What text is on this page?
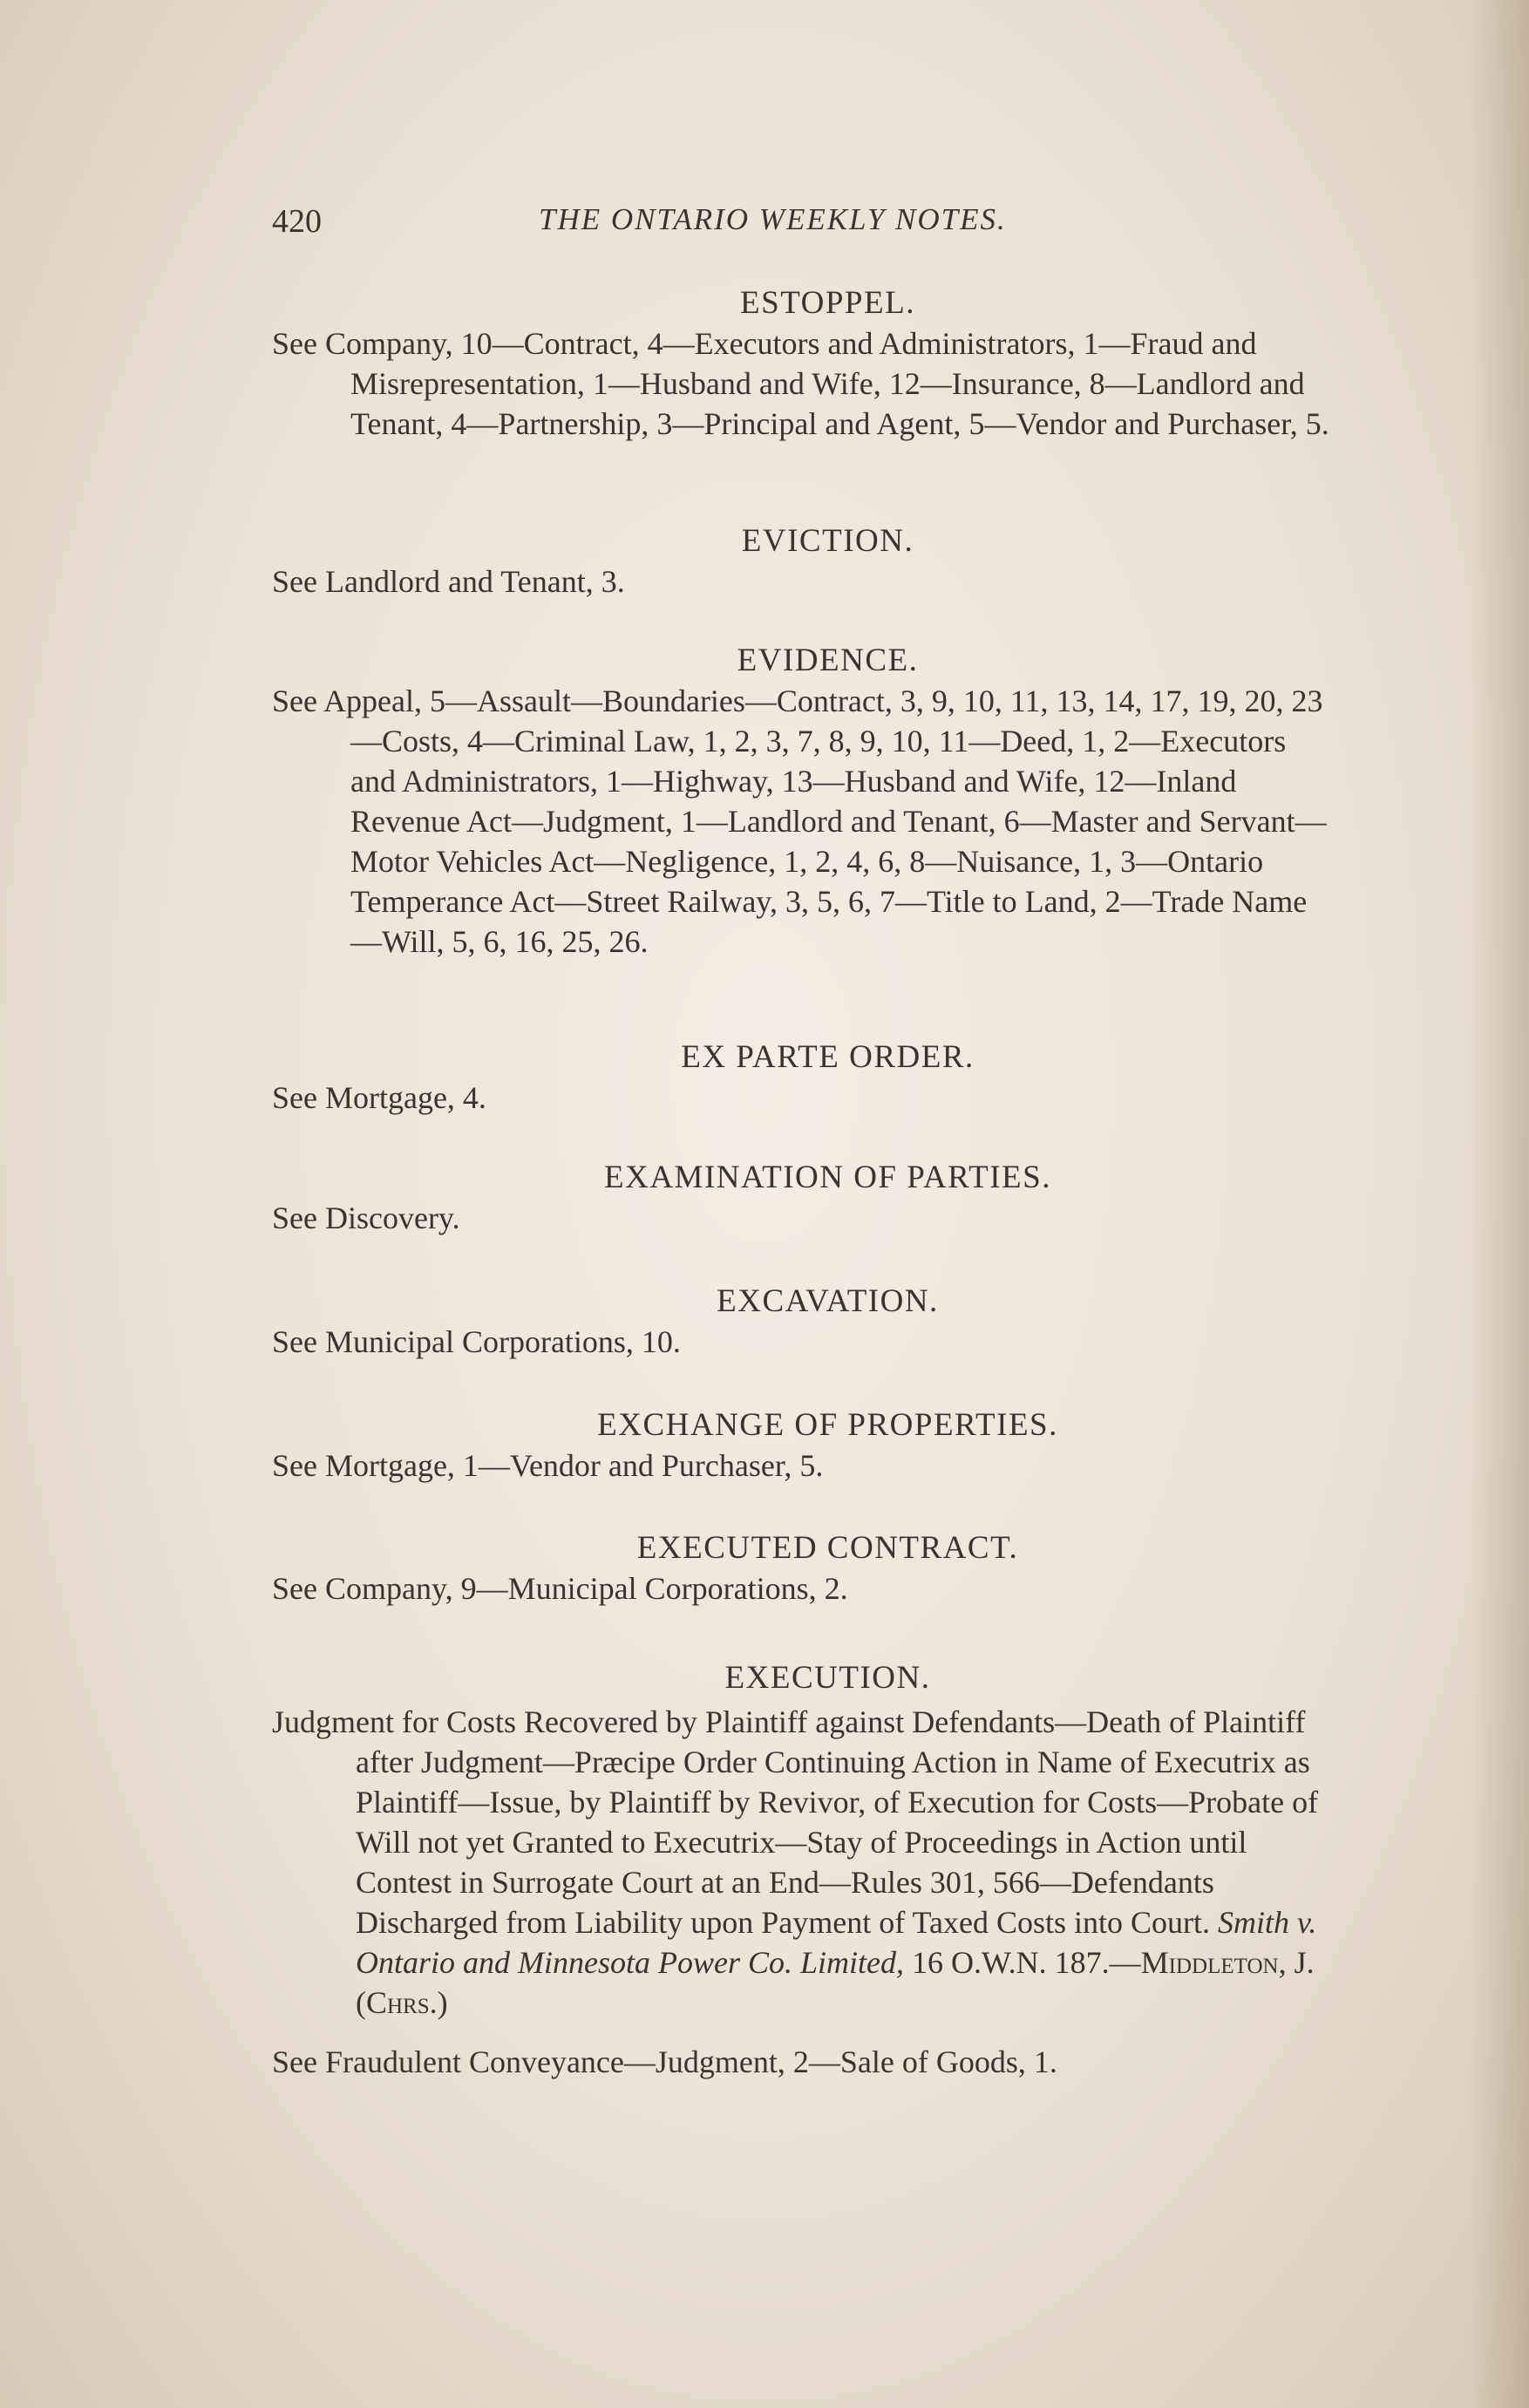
420	THE ONTARIO WEEKLY NOTES.

ESTOPPEL.

See Company, 10—Contract, 4—Executors and Administrators, 1—Fraud and Misrepresentation, 1—Husband and Wife, 12—Insurance, 8—Landlord and Tenant, 4—Partnership, 3—Principal and Agent, 5—Vendor and Purchaser, 5.

EVICTION.

See Landlord and Tenant, 3.

EVIDENCE.

See Appeal, 5—Assault—Boundaries—Contract, 3, 9, 10, 11, 13, 14, 17, 19, 20, 23—Costs, 4—Criminal Law, 1, 2, 3, 7, 8, 9, 10, 11—Deed, 1, 2—Executors and Administrators, 1—Highway, 13—Husband and Wife, 12—Inland Revenue Act—Judgment, 1—Landlord and Tenant, 6—Master and Servant—Motor Vehicles Act—Negligence, 1, 2, 4, 6, 8—Nuisance, 1, 3—Ontario Temperance Act—Street Railway, 3, 5, 6, 7—Title to Land, 2—Trade Name—Will, 5, 6, 16, 25, 26.

EX PARTE ORDER.

See Mortgage, 4.

EXAMINATION OF PARTIES.

See Discovery.

EXCAVATION.

See Municipal Corporations, 10.

EXCHANGE OF PROPERTIES.

See Mortgage, 1—Vendor and Purchaser, 5.

EXECUTED CONTRACT.

See Company, 9—Municipal Corporations, 2.

EXECUTION.

Judgment for Costs Recovered by Plaintiff against Defendants—Death of Plaintiff after Judgment—Præcipe Order Continuing Action in Name of Executrix as Plaintiff—Issue, by Plaintiff by Revivor, of Execution for Costs—Probate of Will not yet Granted to Executrix—Stay of Proceedings in Action until Contest in Surrogate Court at an End—Rules 301, 566—Defendants Discharged from Liability upon Payment of Taxed Costs into Court. Smith v. Ontario and Minnesota Power Co. Limited, 16 O.W.N. 187.—Middleton, J. (Chrs.)

See Fraudulent Conveyance—Judgment, 2—Sale of Goods, 1.
